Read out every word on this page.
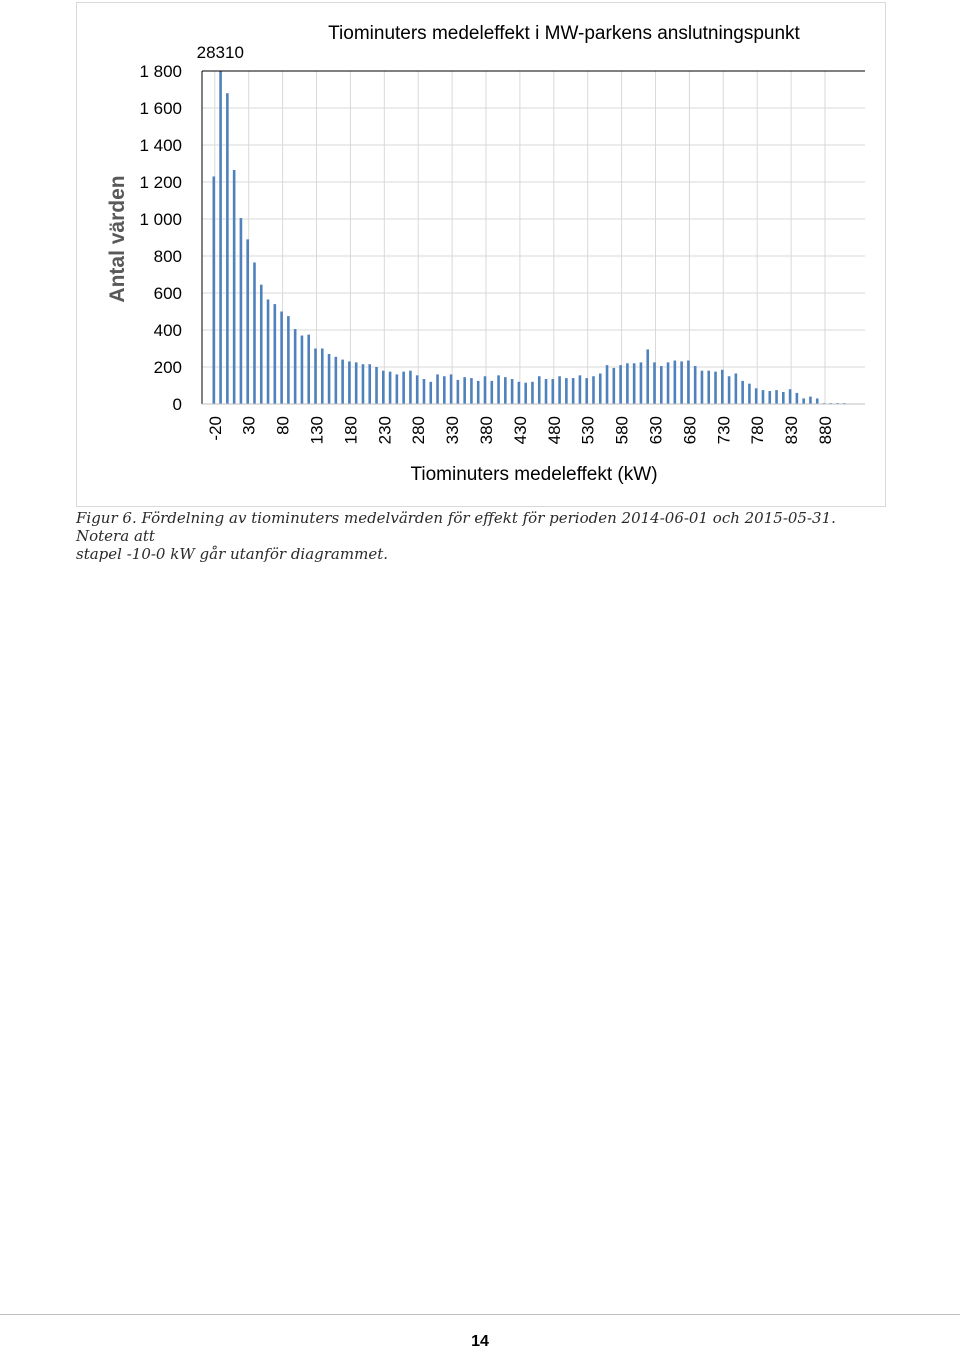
0
200
400
600
800
1 000
1 200
1 400
1 600
1 800
-20 30 80 130 180 230 280 330 380 430 480 530 580 630 680 730 780 830 880
28310
Tiominuters medeleffekt i MW-parkens anslutningspunkt
Tiominuters medeleffekt (kW)
Antal värden
Figur 6. Fördelning av tiominuters medelvärden för effekt för perioden 2014-06-01 och 2015-05-31. Notera att
stapel -10-0 kW går utanför diagrammet.
14
